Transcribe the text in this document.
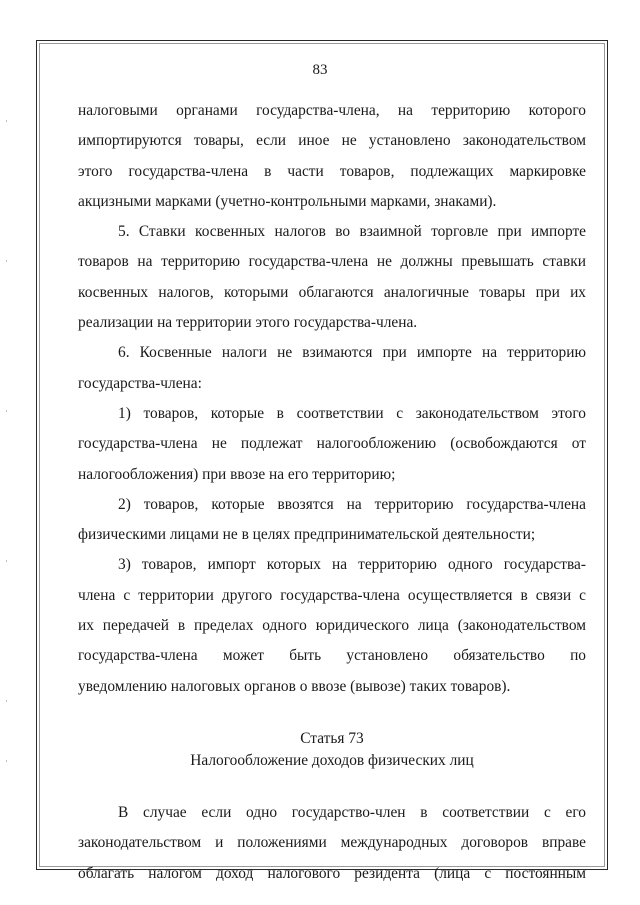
83
налоговыми органами государства-члена, на территорию которого
импортируются товары, если иное не установлено законодательством
этого государства-члена в части товаров, подлежащих маркировке
акцизными марками (учетно-контрольными марками, знаками).
5. Ставки косвенных налогов во взаимной торговле при импорте
товаров на территорию государства-члена не должны превышать ставки
косвенных налогов, которыми облагаются аналогичные товары при их
реализации на территории этого государства-члена.
6. Косвенные налоги не взимаются при импорте на территорию
государства-члена:
1) товаров, которые в соответствии с законодательством этого
государства-члена не подлежат налогообложению (освобождаются от
налогообложения) при ввозе на его территорию;
2) товаров, которые ввозятся на территорию государства-члена
физическими лицами не в целях предпринимательской деятельности;
3) товаров, импорт которых на территорию одного государства-
члена с территории другого государства-члена осуществляется в связи с
их передачей в пределах одного юридического лица (законодательством
государства-члена может быть установлено обязательство по
уведомлению налоговых органов о ввозе (вывозе) таких товаров).
Статья 73
Налогообложение доходов физических лиц
В случае если одно государство-член в соответствии с его
законодательством и положениями международных договоров вправе
облагать налогом доход налогового резидента (лица с постоянным
